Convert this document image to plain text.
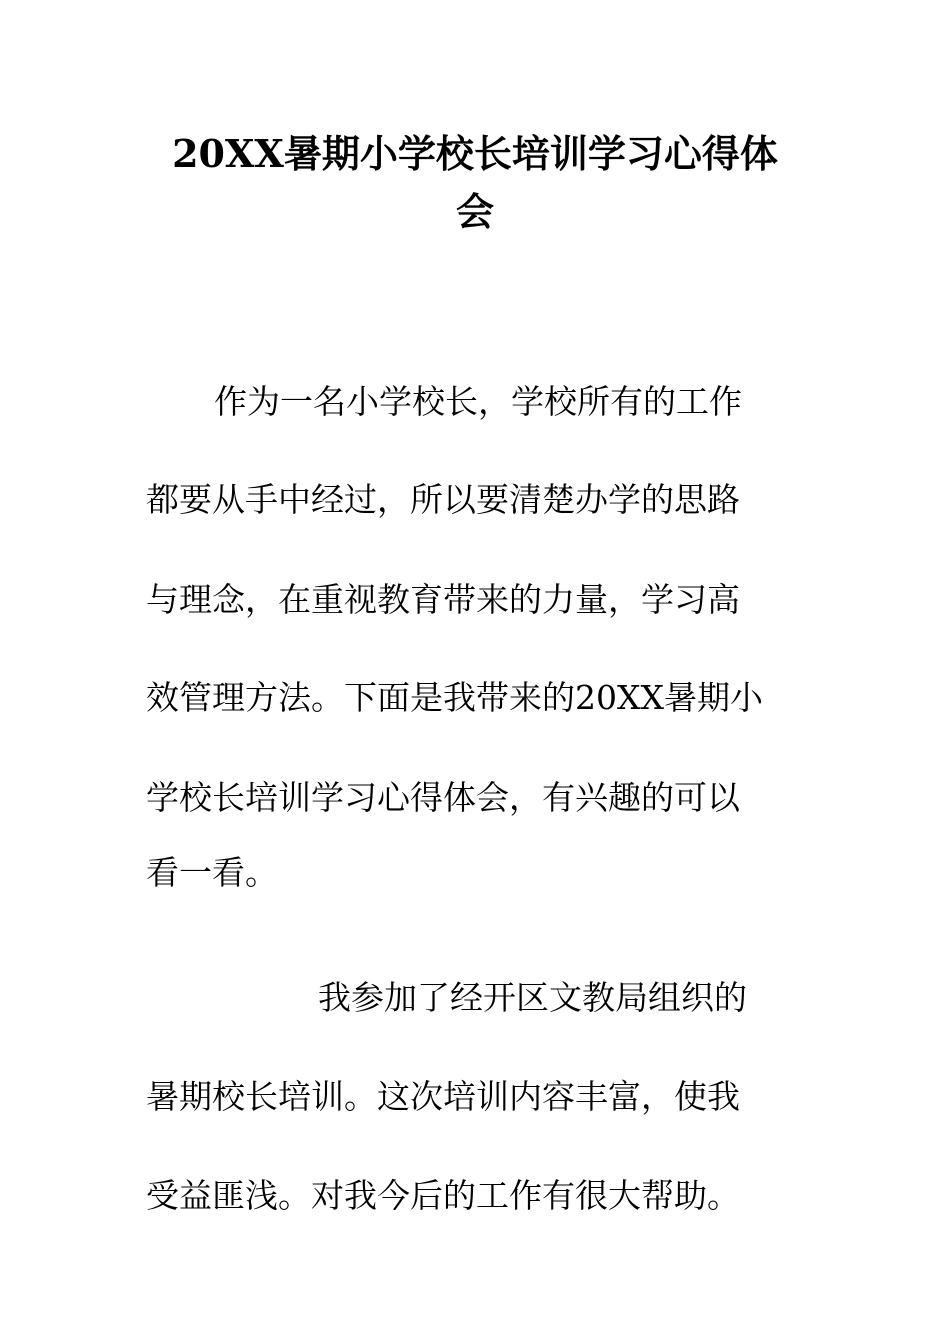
20XX暑期小学校长培训学习心得体
会

作为一名小学校长，学校所有的工作

都要从手中经过，所以要清楚办学的思路

与理念，在重视教育带来的力量，学习高

效管理方法。下面是我带来的20XX暑期小

学校长培训学习心得体会，有兴趣的可以

看一看。

我参加了经开区文教局组织的

暑期校长培训。这次培训内容丰富，使我

受益匪浅。对我今后的工作有很大帮助。
